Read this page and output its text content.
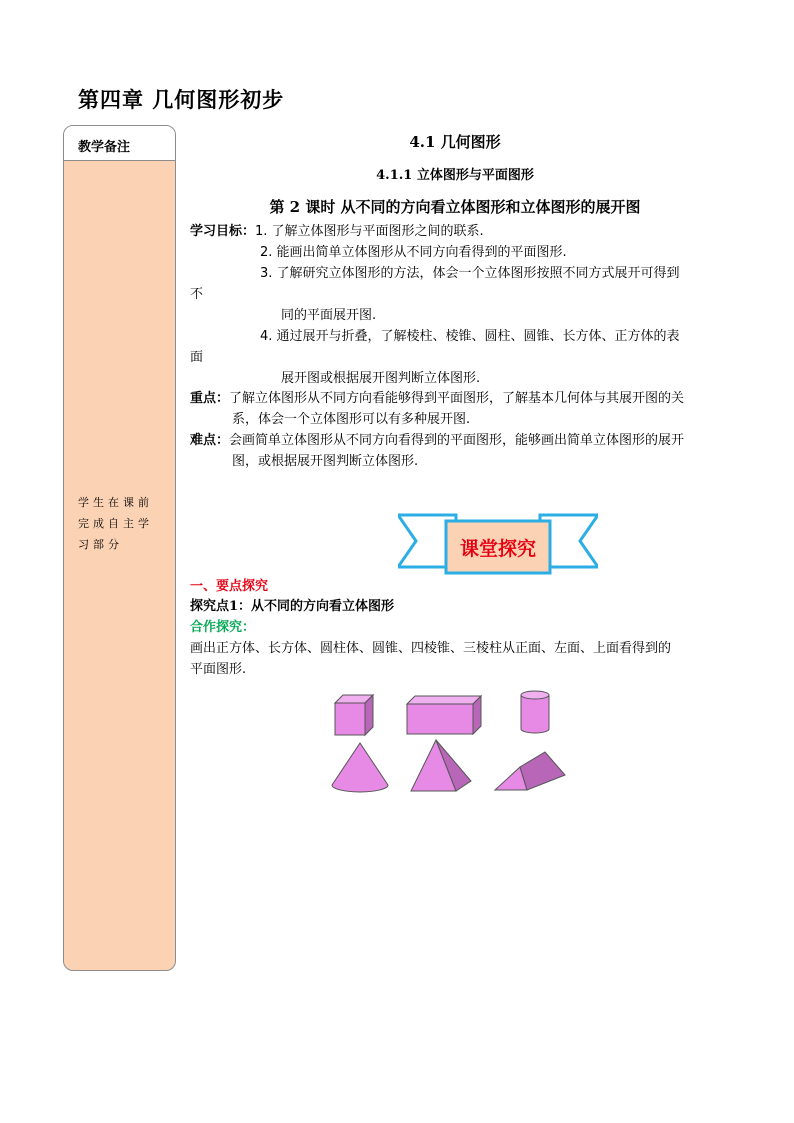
第四章 几何图形初步
教学备注
学生在课前完成自主学习部分
4.1 几何图形
4.1.1 立体图形与平面图形
第 2 课时 从不同的方向看立体图形和立体图形的展开图
学习目标：1. 了解立体图形与平面图形之间的联系.
2. 能画出简单立体图形从不同方向看得到的平面图形.
3. 了解研究立体图形的方法，体会一个立体图形按照不同方式展开可得到
不
同的平面展开图.
4. 通过展开与折叠，了解棱柱、棱锥、圆柱、圆锥、长方体、正方体的表
面
展开图或根据展开图判断立体图形.
重点：了解立体图形从不同方向看能够得到平面图形，了解基本几何体与其展开图的关
系，体会一个立体图形可以有多种展开图.
难点：会画简单立体图形从不同方向看得到的平面图形，能够画出简单立体图形的展开
图，或根据展开图判断立体图形.
课堂探究
一、要点探究
探究点1：从不同的方向看立体图形
合作探究：
画出正方体、长方体、圆柱体、圆锥、四棱锥、三棱柱从正面、左面、上面看得到的
平面图形.
